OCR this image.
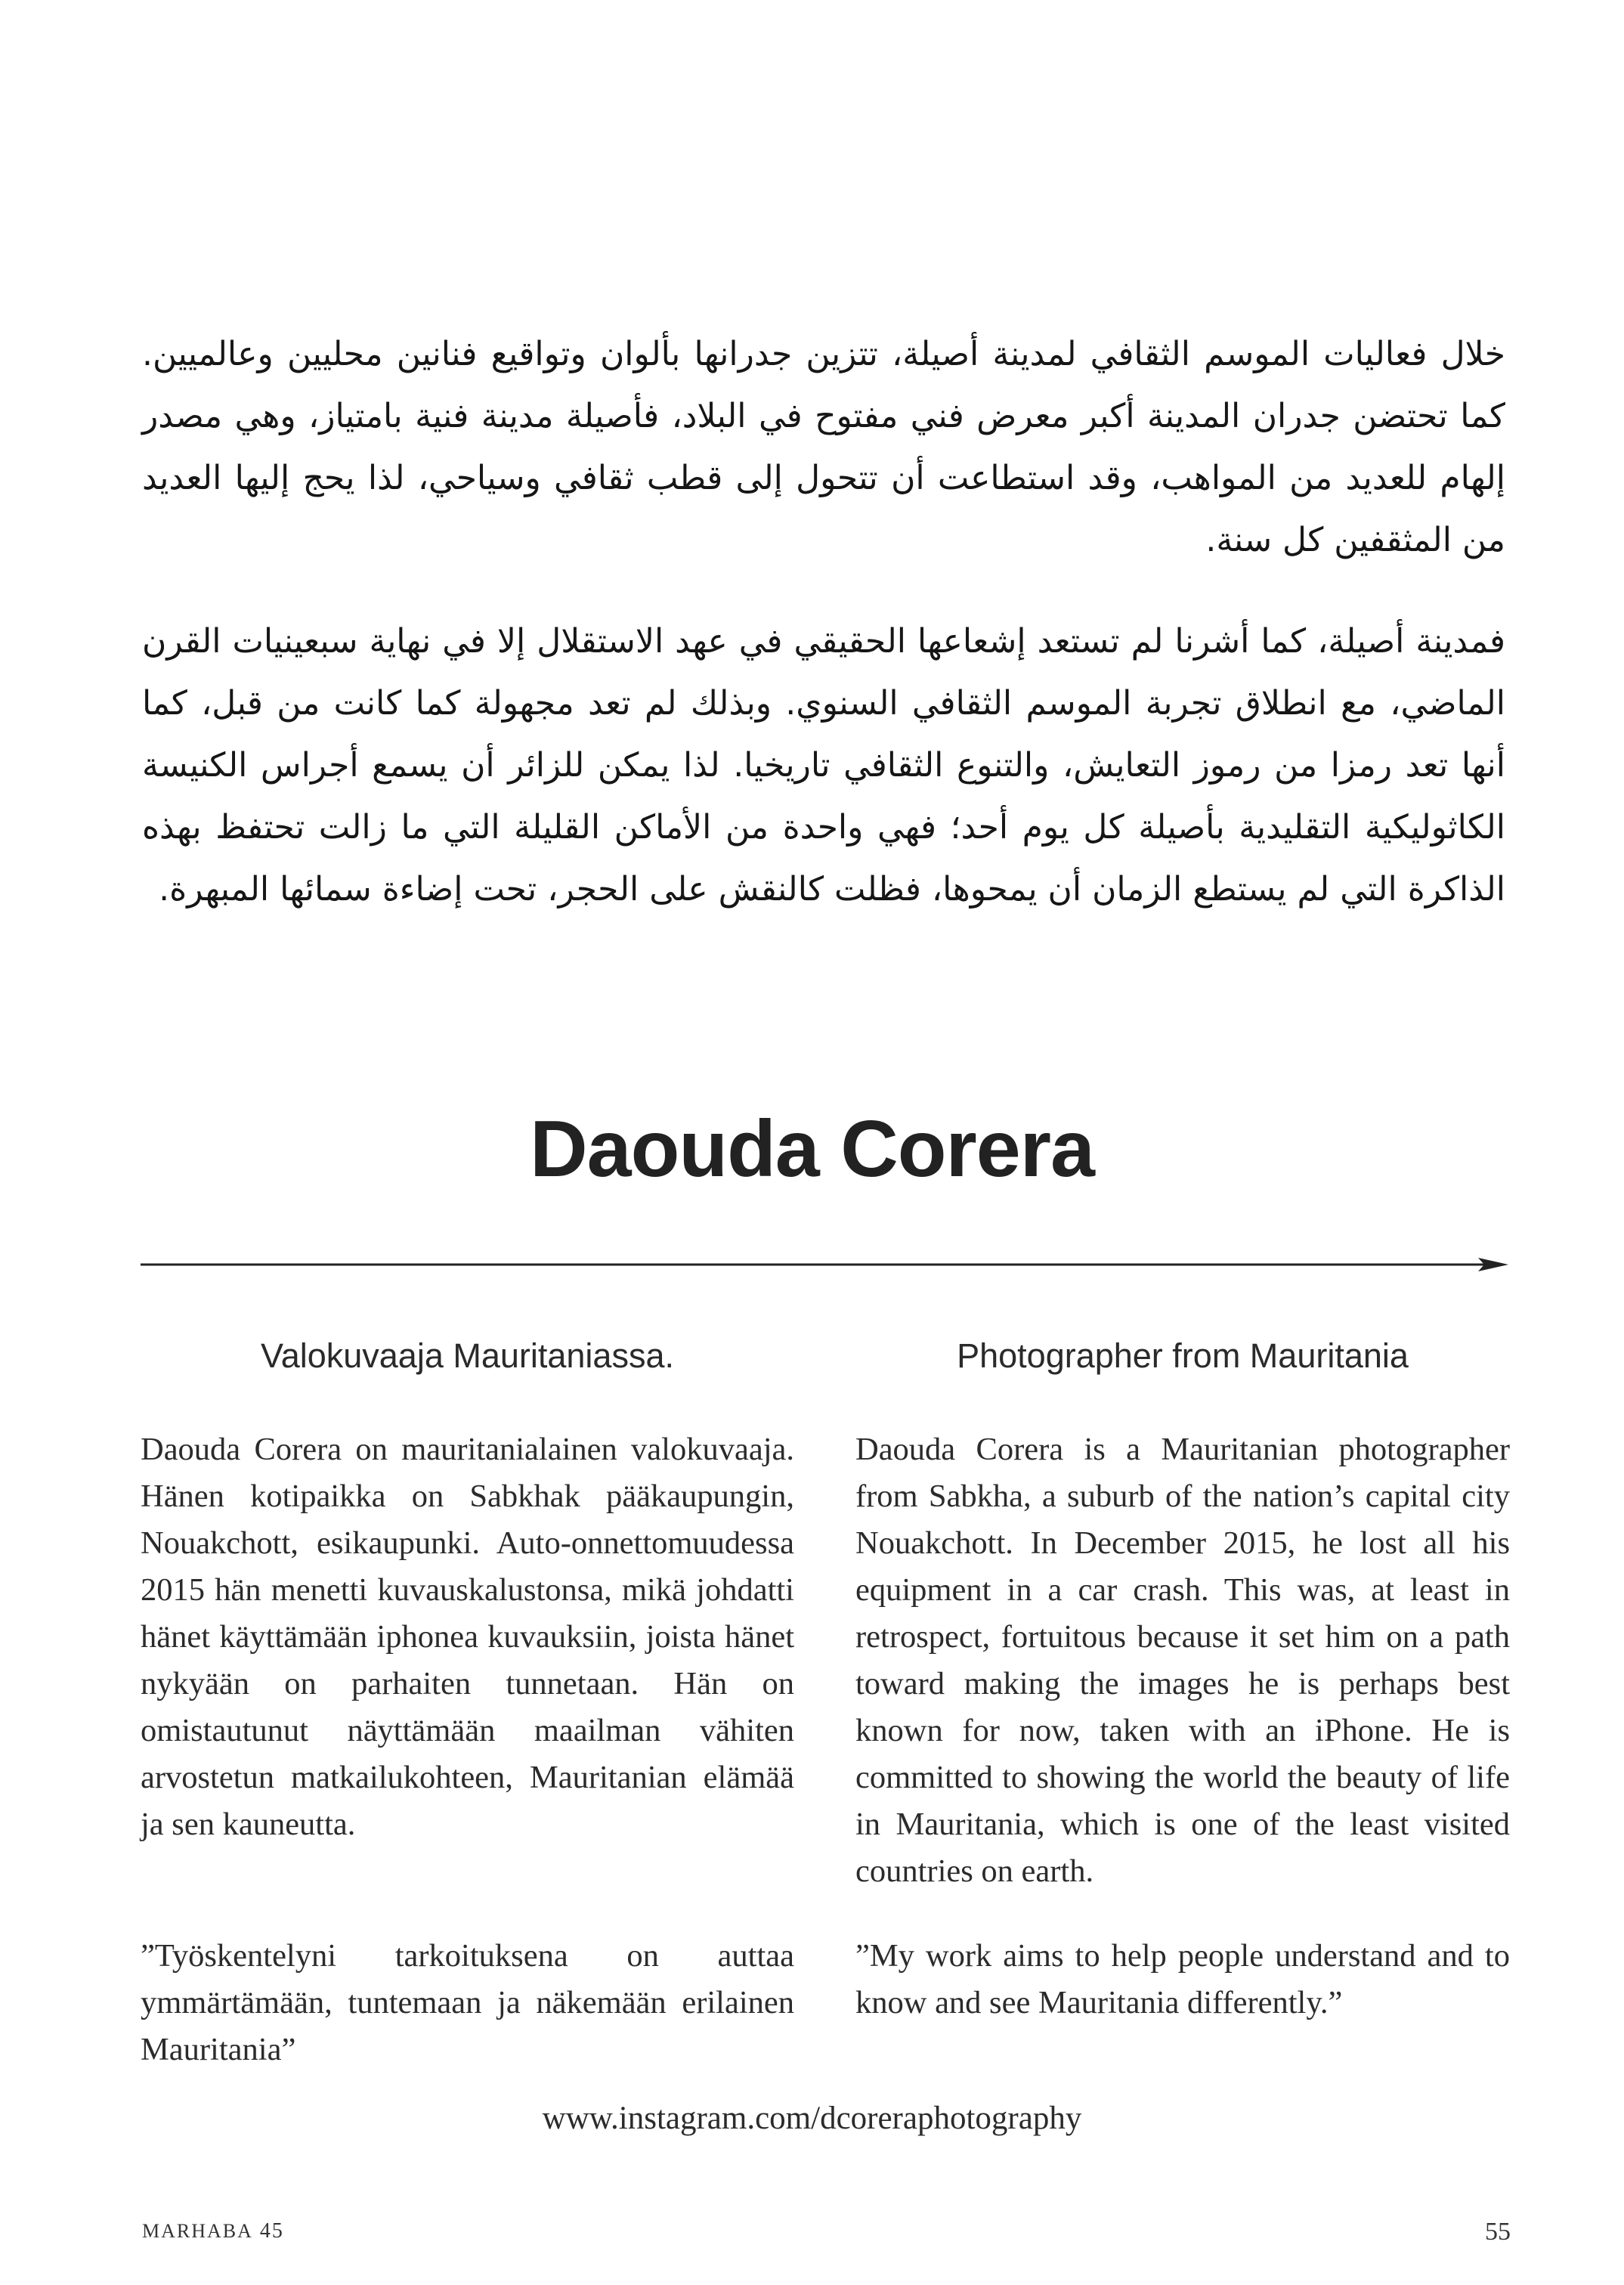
خلال فعاليات الموسم الثقافي لمدينة أصيلة، تتزين جدرانها بألوان وتواقيع فنانين محليين وعالميين. كما تحتضن جدران المدينة أكبر معرض فني مفتوح في البلاد، فأصيلة مدينة فنية بامتياز، وهي مصدر إلهام للعديد من المواهب، وقد استطاعت أن تتحول إلى قطب ثقافي وسياحي، لذا يحج إليها العديد من المثقفين كل سنة.

فمدينة أصيلة، كما أشرنا لم تستعد إشعاعها الحقيقي في عهد الاستقلال إلا في نهاية سبعينيات القرن الماضي، مع انطلاق تجربة الموسم الثقافي السنوي. وبذلك لم تعد مجهولة كما كانت من قبل، كما أنها تعد رمزا من رموز التعايش، والتنوع الثقافي تاريخيا. لذا يمكن للزائر أن يسمع أجراس الكنيسة الكاثوليكية التقليدية بأصيلة كل يوم أحد؛ فهي واحدة من الأماكن القليلة التي ما زالت تحتفظ بهذه الذاكرة التي لم يستطع الزمان أن يمحوها، فظلت كالنقش على الحجر، تحت إضاءة سمائها المبهرة.

Daouda Corera
Valokuvaaja Mauritaniassa.	Photographer from Mauritania

Daouda Corera on mauritanialainen valokuvaaja. Hänen kotipaikka on Sabkhak pääkaupungin, Nouakchott, esikaupunki. Auto-onnettomuudessa 2015 hän menetti kuvauskalustonsa, mikä johdatti hänet käyttämään iphonea kuvauksiin, joista hänet nykyään on parhaiten tunnetaan. Hän on omistautunut näyttämään maailman vähiten arvostetun matkailukohteen, Mauritanian elämää ja sen kauneutta.

Daouda Corera is a Mauritanian photographer from Sabkha, a suburb of the nation’s capital city Nouakchott. In December 2015, he lost all his equipment in a car crash. This was, at least in retrospect, fortuitous because it set him on a path toward making the images he is perhaps best known for now, taken with an iPhone. He is committed to showing the world the beauty of life in Mauritania, which is one of the least visited countries on earth.

”Työskentelyni tarkoituksena on auttaa ymmärtämään, tuntemaan ja näkemään erilainen Mauritania”

”My work aims to help people understand and to know and see Mauritania differently.”

www.instagram.com/dcoreraphotography
MARHABA 45	55
